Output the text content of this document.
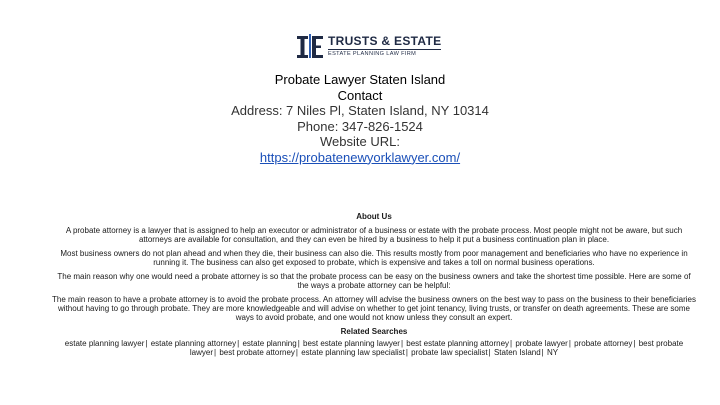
TRUSTS & ESTATE
ESTATE PLANNING LAW FIRM
Probate Lawyer Staten Island
Contact
Address: 7 Niles Pl, Staten Island, NY 10314
Phone: 347-826-1524
Website URL:
https://probatenewyorklawyer.com/

About Us

A probate attorney is a lawyer that is assigned to help an executor or administrator of a business or estate with the probate process. Most people might not be aware, but such attorneys are available for consultation, and they can even be hired by a business to help it put a business continuation plan in place.

Most business owners do not plan ahead and when they die, their business can also die. This results mostly from poor management and beneficiaries who have no experience in running it. The business can also get exposed to probate, which is expensive and takes a toll on normal business operations.

The main reason why one would need a probate attorney is so that the probate process can be easy on the business owners and take the shortest time possible. Here are some of the ways a probate attorney can be helpful:

The main reason to have a probate attorney is to avoid the probate process. An attorney will advise the business owners on the best way to pass on the business to their beneficiaries without having to go through probate. They are more knowledgeable and will advise on whether to get joint tenancy, living trusts, or transfer on death agreements. These are some ways to avoid probate, and one would not know unless they consult an expert.

Related Searches

estate planning lawyer| estate planning attorney| estate planning| best estate planning lawyer| best estate planning attorney| probate lawyer| probate attorney| best probate lawyer| best probate attorney| estate planning law specialist| probate law specialist| Staten Island| NY
